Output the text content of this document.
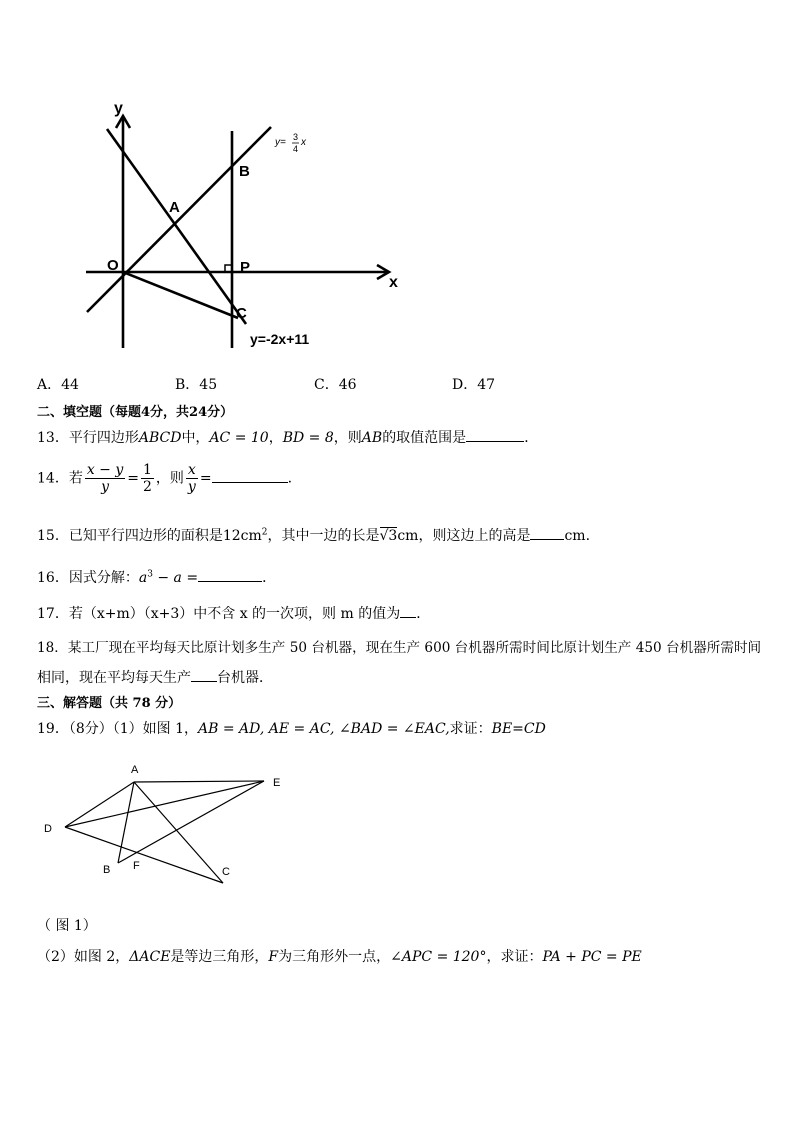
y
x
O
A
B
P
C
y= 3
4
x
y=-2x+11
A．44	B．45	C．46	D．47
二、填空题（每题4分，共24分）
13．平行四边形ABCD中，AC = 10，BD = 8，则AB的取值范围是	．
14．若 $\frac{x - y}{y} = \frac{1}{2}$ ，则 $\frac{x}{y}$ =	.
15．已知平行四边形的面积是$12cm^2$，其中一边的长是√3cm，则这边上的高是 cm.
16．因式分解：$a^3 - a$ =	．
17．若（x+m）（x+3）中不含 x 的一次项，则 m 的值为 ．
18．某工厂现在平均每天比原计划多生产 50 台机器，现在生产 600 台机器所需时间比原计划生产 450 台机器所需时间
相同，现在平均每天生产 台机器．
三、解答题（共 78 分）
19．（8分）（1）如图 1，AB = AD, AE = AC, ∠BAD = ∠EAC,求证：BE=CD
A
E
D
B F	C
（ 图 1）
（2）如图 2，ΔACE是等边三角形，F为三角形外一点，∠APC = 120°，求证：PA + PC = PE
